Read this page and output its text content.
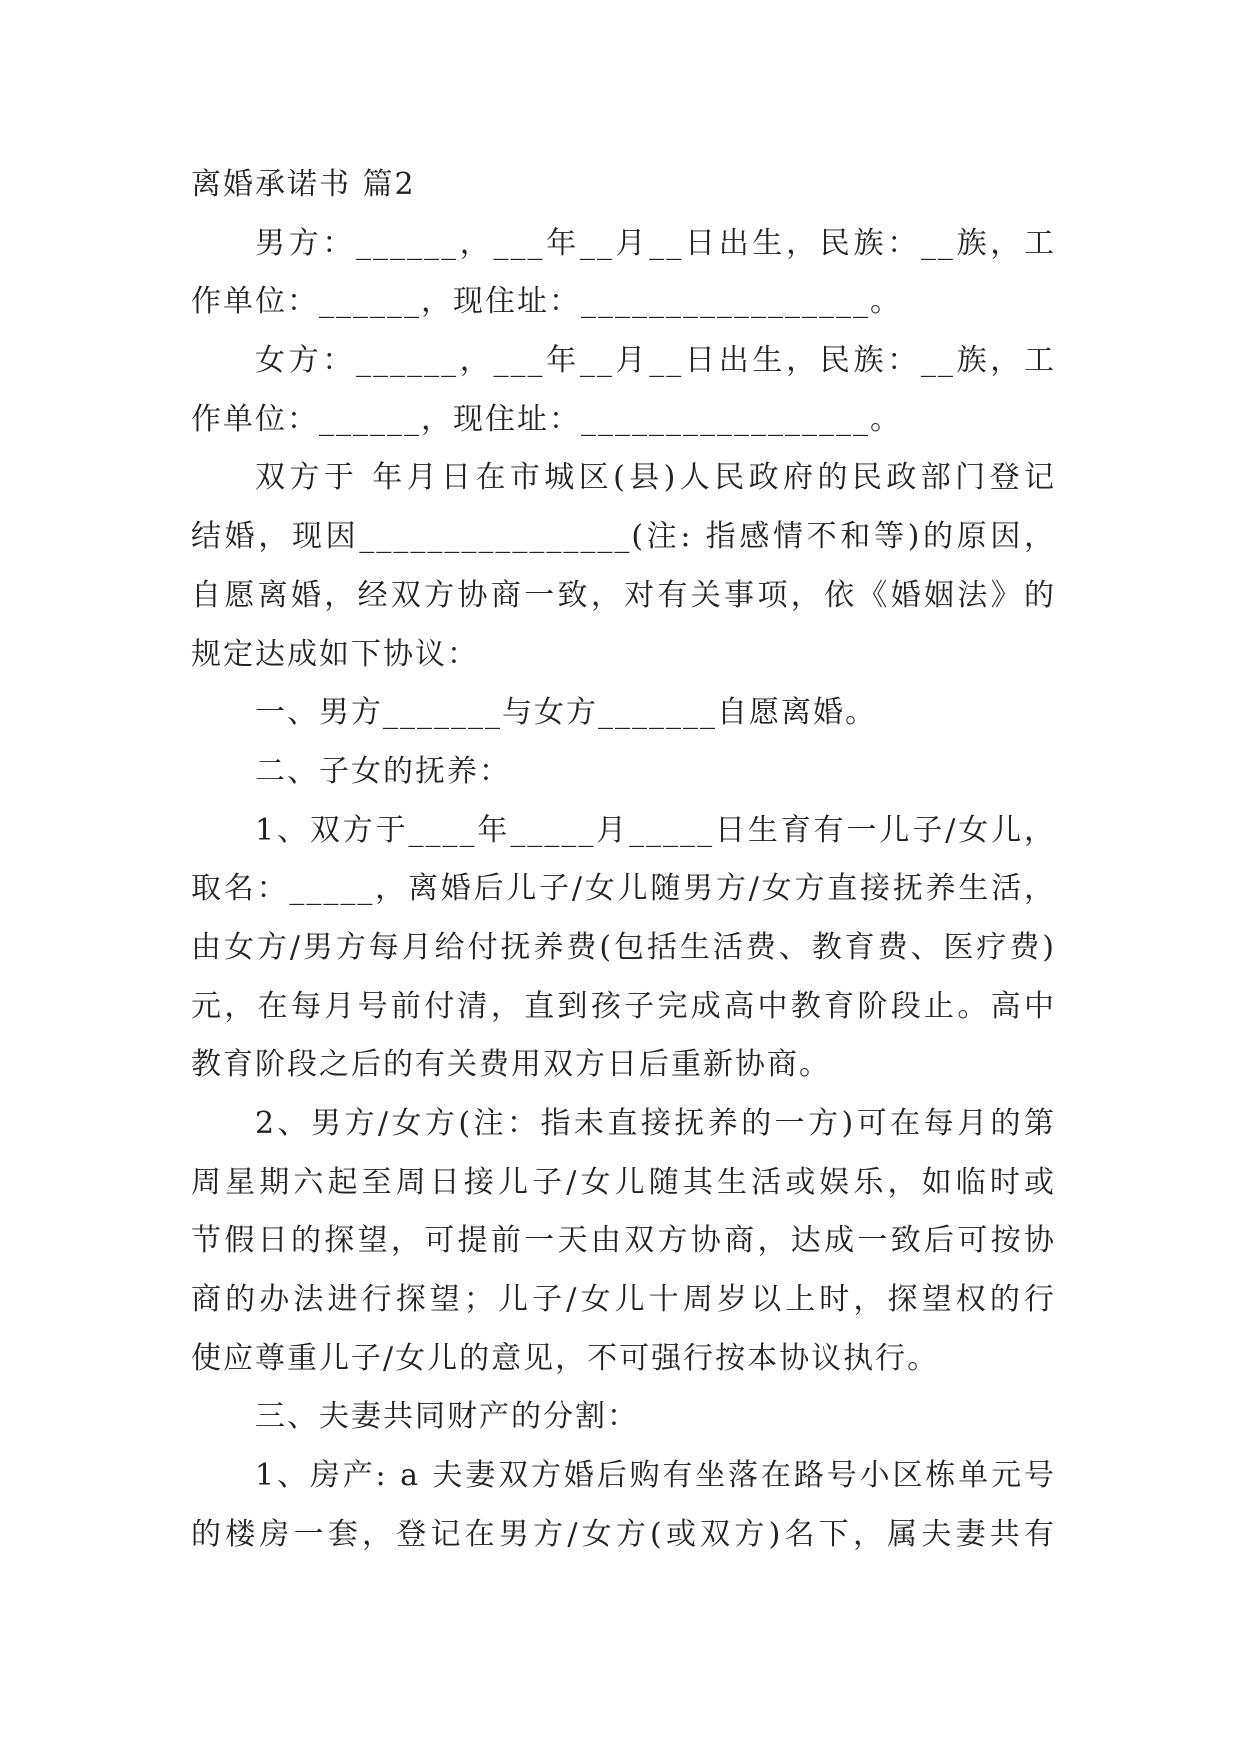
离婚承诺书 篇2
男方：______，___年__月__日出生，民族：__族，工
作单位：______，现住址：_________________。
女方：______，___年__月__日出生，民族：__族，工
作单位：______，现住址：_________________。
双方于 年月日在市城区(县)人民政府的民政部门登记
结婚，现因________________(注: 指感情不和等)的原因，
自愿离婚，经双方协商一致，对有关事项，依《婚姻法》的
规定达成如下协议：
一、男方_______与女方_______自愿离婚。
二、子女的抚养：
1、双方于____年_____月_____日生育有一儿子/女儿，
取名：_____，离婚后儿子/女儿随男方/女方直接抚养生活，
由女方/男方每月给付抚养费(包括生活费、教育费、医疗费)
元，在每月号前付清，直到孩子完成高中教育阶段止。高中
教育阶段之后的有关费用双方日后重新协商。
2、男方/女方(注：指未直接抚养的一方)可在每月的第
周星期六起至周日接儿子/女儿随其生活或娱乐，如临时或
节假日的探望，可提前一天由双方协商，达成一致后可按协
商的办法进行探望；儿子/女儿十周岁以上时，探望权的行
使应尊重儿子/女儿的意见，不可强行按本协议执行。
三、夫妻共同财产的分割：
1、房产: a 夫妻双方婚后购有坐落在路号小区栋单元号
的楼房一套，登记在男方/女方(或双方)名下，属夫妻共有
